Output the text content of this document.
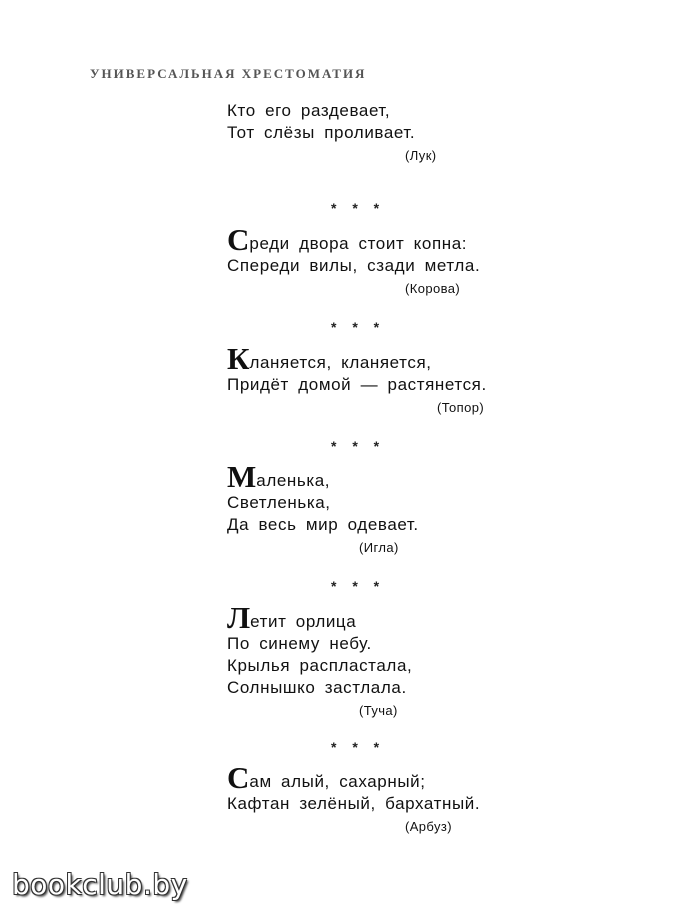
УНИВЕРСАЛЬНАЯ ХРЕСТОМАТИЯ
Кто его раздевает,
Тот слёзы проливает.
(Лук)
* * *
Среди двора стоит копна:
Спереди вилы, сзади метла.
(Корова)
* * *
Кланяется, кланяется,
Придёт домой — растянется.
(Топор)
* * *
Маленька,
Светленька,
Да весь мир одевает.
(Игла)
* * *
Летит орлица
По синему небу.
Крылья распластала,
Солнышко застлала.
(Туча)
* * *
Сам алый, сахарный;
Кафтан зелёный, бархатный.
(Арбуз)
bookclub.by
